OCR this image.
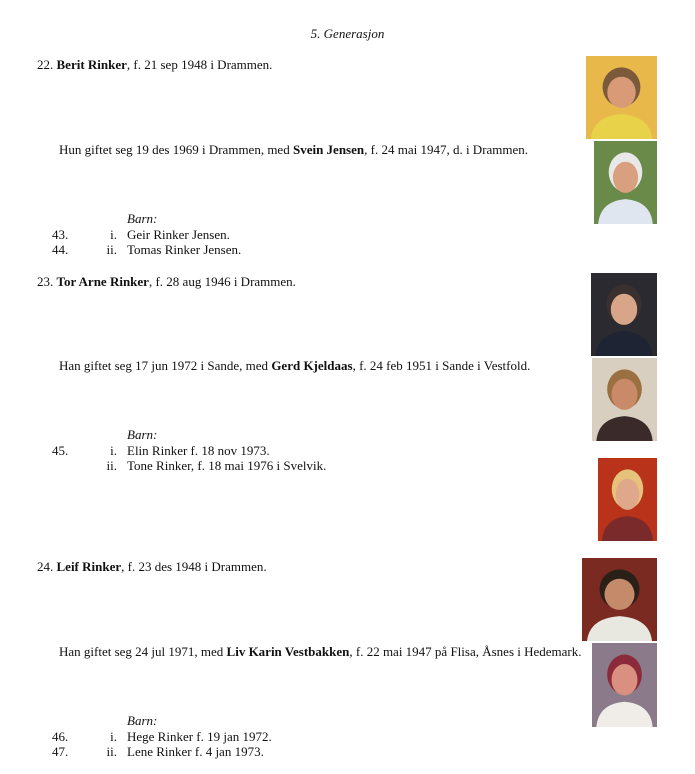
5. Generasjon
22. Berit Rinker, f. 21 sep 1948 i Drammen.
Hun giftet seg 19 des 1969 i Drammen, med Svein Jensen, f. 24 mai 1947, d. i Drammen.
Barn:
43.	i. Geir Rinker Jensen.
44.	ii. Tomas Rinker Jensen.
23. Tor Arne Rinker, f. 28 aug 1946 i Drammen.
Han giftet seg 17 jun 1972 i Sande, med Gerd Kjeldaas, f. 24 feb 1951 i Sande i Vestfold.
Barn:
45.	i. Elin Rinker f. 18 nov 1973.
ii. Tone Rinker, f. 18 mai 1976 i Svelvik.
24. Leif Rinker, f. 23 des 1948 i Drammen.
Han giftet seg 24 jul 1971, med Liv Karin Vestbakken, f. 22 mai 1947 på Flisa, Åsnes i Hedemark.
Barn:
46.	i. Hege Rinker f. 19 jan 1972.
47.	ii. Lene Rinker f. 4 jan 1973.
